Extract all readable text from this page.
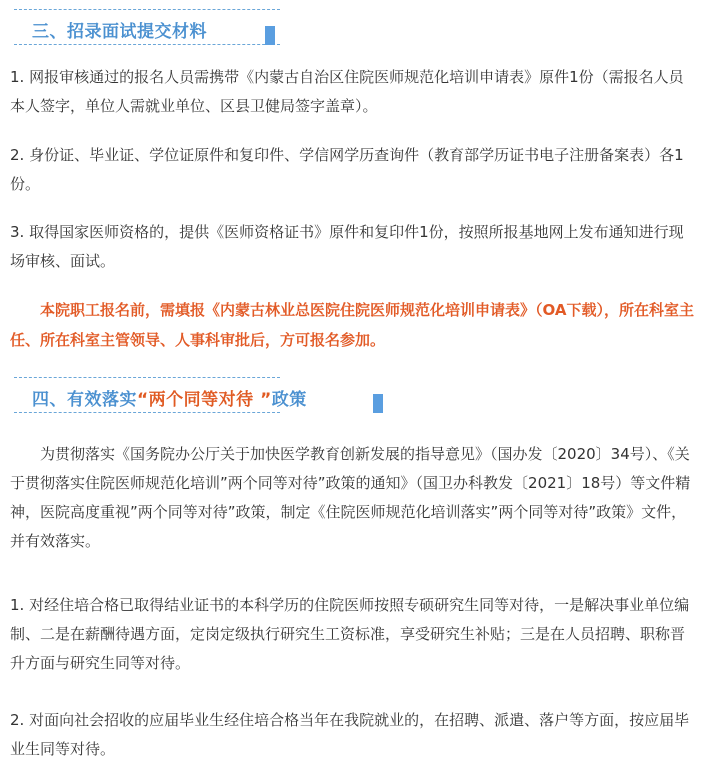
三、招录面试提交材料
1. 网报审核通过的报名人员需携带《内蒙古自治区住院医师规范化培训申请表》原件1份（需报名人员本人签字，单位人需就业单位、区县卫健局签字盖章）。
2. 身份证、毕业证、学位证原件和复印件、学信网学历查询件（教育部学历证书电子注册备案表）各1份。
3. 取得国家医师资格的，提供《医师资格证书》原件和复印件1份，按照所报基地网上发布通知进行现场审核、面试。
本院职工报名前，需填报《内蒙古林业总医院住院医师规范化培训申请表》（OA下载），所在科室主任、所在科室主管领导、人事科审批后，方可报名参加。
四、有效落实“两个同等对待 ”政策
为贯彻落实《国务院办公厅关于加快医学教育创新发展的指导意见》（国办发〔2020〕34号）、《关于贯彻落实住院医师规范化培训”两个同等对待”政策的通知》（国卫办科教发〔2021〕18号）等文件精神，医院高度重视”两个同等对待”政策，制定《住院医师规范化培训落实”两个同等对待”政策》文件，并有效落实。
1. 对经住培合格已取得结业证书的本科学历的住院医师按照专硕研究生同等对待，一是解决事业单位编制、二是在薪酬待遇方面，定岗定级执行研究生工资标准，享受研究生补贴；三是在人员招聘、职称晋升方面与研究生同等对待。
2. 对面向社会招收的应届毕业生经住培合格当年在我院就业的，在招聘、派遣、落户等方面，按应届毕业生同等对待。
